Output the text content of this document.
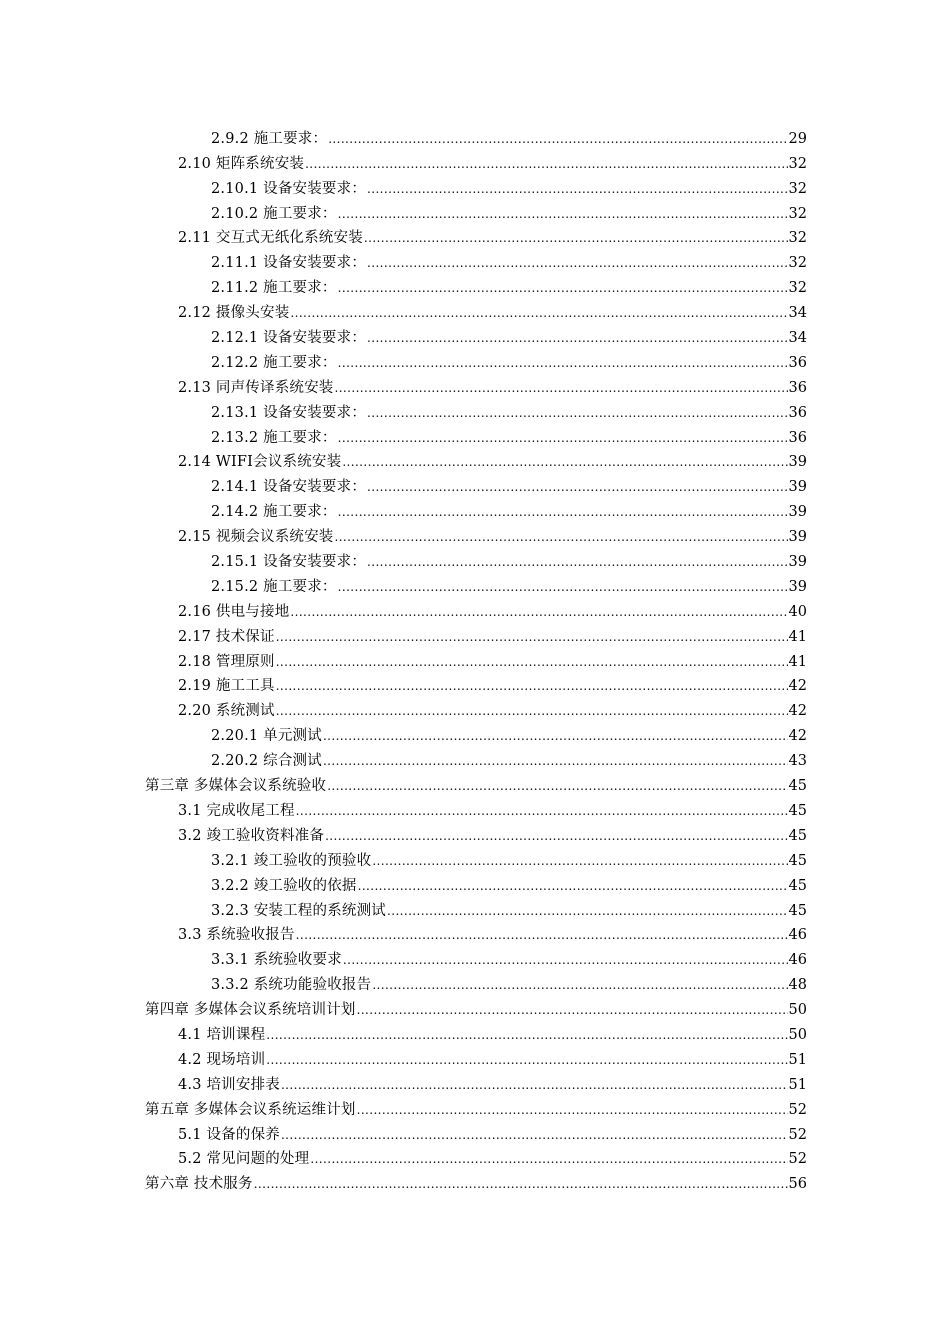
2.9.2 施工要求： .....	29
2.10 矩阵系统安装 .....	32
2.10.1 设备安装要求： .....	32
2.10.2 施工要求： .....	32
2.11 交互式无纸化系统安装 .....	32
2.11.1 设备安装要求： .....	32
2.11.2 施工要求： .....	32
2.12 摄像头安装 .....	34
2.12.1 设备安装要求： .....	34
2.12.2 施工要求： .....	36
2.13 同声传译系统安装 .....	36
2.13.1 设备安装要求： .....	36
2.13.2 施工要求： .....	36
2.14 WIFI会议系统安装 .....	39
2.14.1 设备安装要求： .....	39
2.14.2 施工要求： .....	39
2.15 视频会议系统安装 .....	39
2.15.1 设备安装要求： .....	39
2.15.2 施工要求： .....	39
2.16 供电与接地 .....	40
2.17 技术保证 .....	41
2.18 管理原则 .....	41
2.19 施工工具 .....	42
2.20 系统测试 .....	42
2.20.1 单元测试 .....	42
2.20.2 综合测试 .....	43
第三章 多媒体会议系统验收 .....	45
3.1 完成收尾工程 .....	45
3.2 竣工验收资料准备 .....	45
3.2.1 竣工验收的预验收 .....	45
3.2.2 竣工验收的依据 .....	45
3.2.3 安装工程的系统测试 .....	45
3.3 系统验收报告 .....	46
3.3.1 系统验收要求 .....	46
3.3.2 系统功能验收报告 .....	48
第四章 多媒体会议系统培训计划 .....	50
4.1 培训课程 .....	50
4.2 现场培训 .....	51
4.3 培训安排表 .....	51
第五章 多媒体会议系统运维计划 .....	52
5.1 设备的保养 .....	52
5.2 常见问题的处理 .....	52
第六章 技术服务 .....	56
